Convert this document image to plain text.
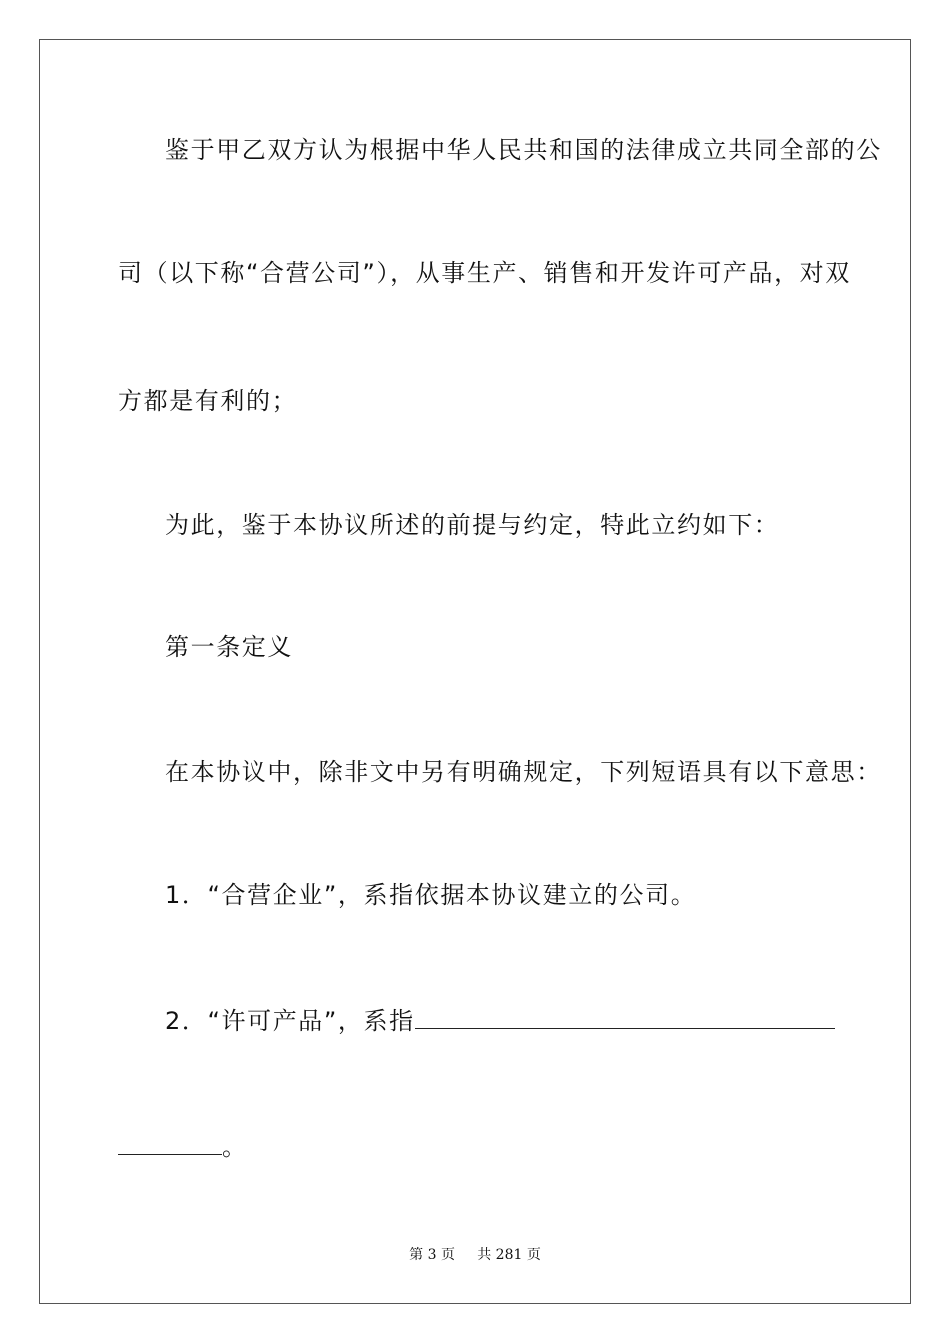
鉴于甲乙双方认为根据中华人民共和国的法律成立共同全部的公
司（以下称“合营公司”），从事生产、销售和开发许可产品，对双
方都是有利的；
为此，鉴于本协议所述的前提与约定，特此立约如下：
第一条定义
在本协议中，除非文中另有明确规定，下列短语具有以下意思：
1．“合营企业”，系指依据本协议建立的公司。
2．“许可产品”，系指
。
第 3 页 共 281 页
